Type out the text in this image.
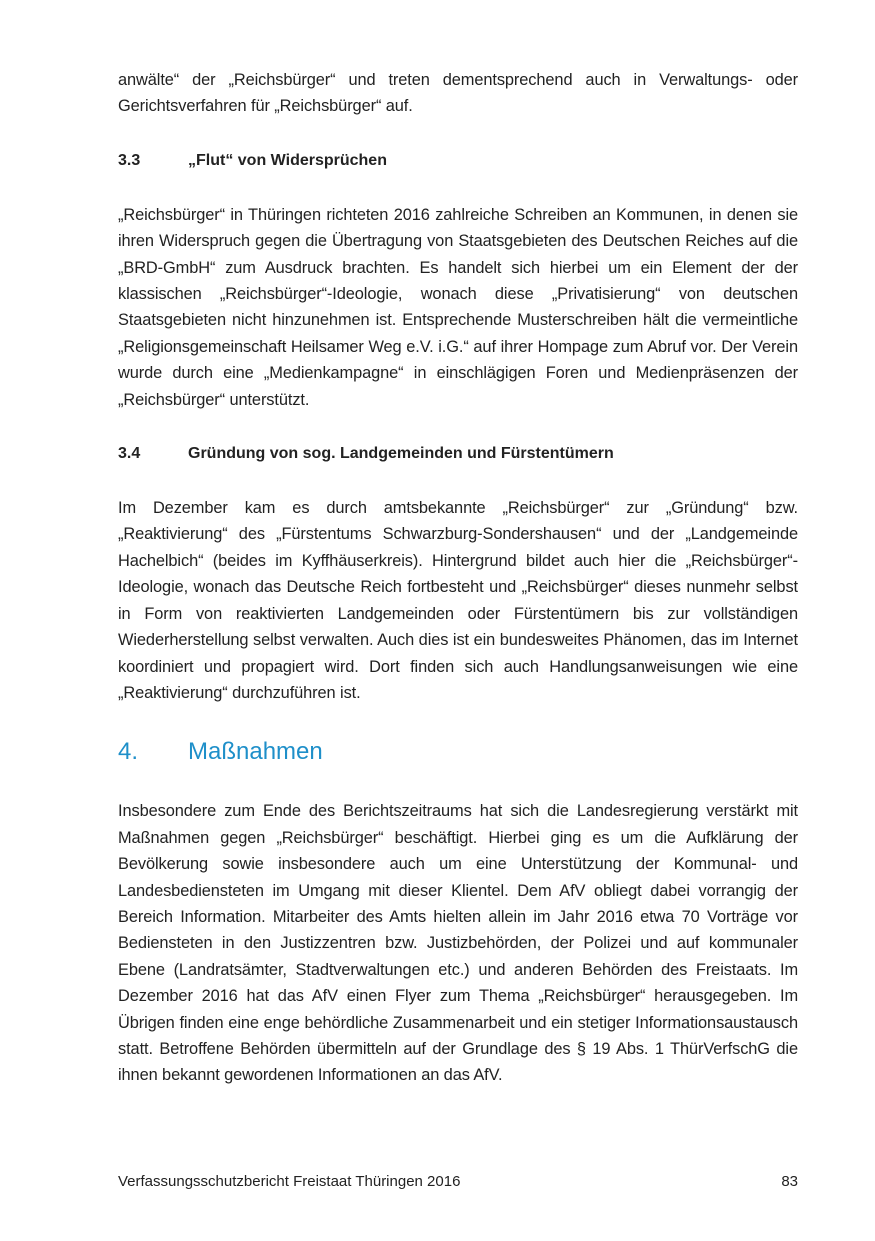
anwälte“ der „Reichsbürger“ und treten dementsprechend auch in Verwaltungs- oder Gerichtsverfahren für „Reichsbürger“ auf.

3.3	„Flut“ von Widersprüchen

„Reichsbürger“ in Thüringen richteten 2016 zahlreiche Schreiben an Kommunen, in denen sie ihren Widerspruch gegen die Übertragung von Staatsgebieten des Deutschen Reiches auf die „BRD-GmbH“ zum Ausdruck brachten. Es handelt sich hierbei um ein Element der der klassischen „Reichsbürger“-Ideologie, wonach diese „Privatisierung“ von deutschen Staatsgebieten nicht hinzunehmen ist. Entsprechende Musterschreiben hält die vermeintliche „Religionsgemeinschaft Heilsamer Weg e.V. i.G.“ auf ihrer Hompage zum Abruf vor. Der Verein wurde durch eine „Medienkampagne“ in einschlägigen Foren und Medienpräsenzen der „Reichsbürger“ unterstützt.

3.4	Gründung von sog. Landgemeinden und Fürstentümern

Im Dezember kam es durch amtsbekannte „Reichsbürger“ zur „Gründung“ bzw. „Reaktivierung“ des „Fürstentums Schwarzburg-Sondershausen“ und der „Landgemeinde Hachelbich“ (beides im Kyffhäuserkreis). Hintergrund bildet auch hier die „Reichsbürger“-Ideologie, wonach das Deutsche Reich fortbesteht und „Reichsbürger“ dieses nunmehr selbst in Form von reaktivierten Landgemeinden oder Fürstentümern bis zur vollständigen Wiederherstellung selbst verwalten. Auch dies ist ein bundesweites Phänomen, das im Internet koordiniert und propagiert wird. Dort finden sich auch Handlungsanweisungen wie eine „Reaktivierung“ durchzuführen ist.

4.	Maßnahmen

Insbesondere zum Ende des Berichtszeitraums hat sich die Landesregierung verstärkt mit Maßnahmen gegen „Reichsbürger“ beschäftigt. Hierbei ging es um die Aufklärung der Bevölkerung sowie insbesondere auch um eine Unterstützung der Kommunal- und Landesbediensteten im Umgang mit dieser Klientel. Dem AfV obliegt dabei vorrangig der Bereich Information. Mitarbeiter des Amts hielten allein im Jahr 2016 etwa 70 Vorträge vor Bediensteten in den Justizzentren bzw. Justizbehörden, der Polizei und auf kommunaler Ebene (Landratsämter, Stadtverwaltungen etc.) und anderen Behörden des Freistaats. Im Dezember 2016 hat das AfV einen Flyer zum Thema „Reichsbürger“ herausgegeben. Im Übrigen finden eine enge behördliche Zusammenarbeit und ein stetiger Informationsaustausch statt. Betroffene Behörden übermitteln auf der Grundlage des § 19 Abs. 1 ThürVerfschG die ihnen bekannt gewordenen Informationen an das AfV.

Verfassungsschutzbericht Freistaat Thüringen 2016	83
